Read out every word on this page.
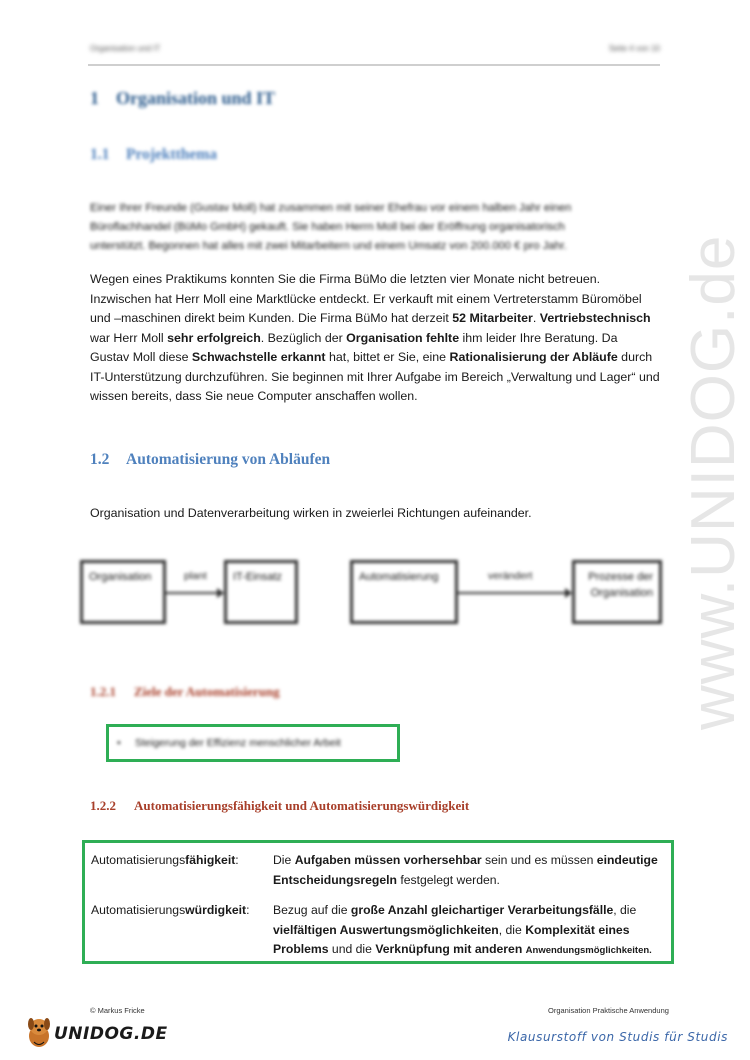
Organisation und IT	Seite 4 von 10
www.UNIDOG.de
1 Organisation und IT
1.1 Projektthema
Einer Ihrer Freunde (Gustav Moll) hat zusammen mit seiner Ehefrau vor einem halben Jahr einen
Büroflachhandel (BüMo GmbH) gekauft. Sie haben Herrn Moll bei der Eröffnung organisatorisch
unterstützt. Begonnen hat alles mit zwei Mitarbeitern und einem Umsatz von 200.000 € pro Jahr.
Wegen eines Praktikums konnten Sie die Firma BüMo die letzten vier Monate nicht betreuen. Inzwischen hat Herr Moll eine Marktlücke entdeckt. Er verkauft mit einem Vertreterstamm Büromöbel und –maschinen direkt beim Kunden. Die Firma BüMo hat derzeit 52 Mitarbeiter. Vertriebstechnisch war Herr Moll sehr erfolgreich. Bezüglich der Organisation fehlte ihm leider Ihre Beratung. Da Gustav Moll diese Schwachstelle erkannt hat, bittet er Sie, eine Rationalisierung der Abläufe durch IT-Unterstützung durchzuführen. Sie beginnen mit Ihrer Aufgabe im Bereich „Verwaltung und Lager“ und wissen bereits, dass Sie neue Computer anschaffen wollen.
1.2 Automatisierung von Abläufen
Organisation und Datenverarbeitung wirken in zweierlei Richtungen aufeinander.
Organisation	plant	IT-Einsatz	Automatisierung	verändert	Prozesse der Organisation
1.2.1 Ziele der Automatisierung
• Steigerung der Effizienz menschlicher Arbeit
1.2.2 Automatisierungsfähigkeit und Automatisierungswürdigkeit
Automatisierungsfähigkeit:	Die Aufgaben müssen vorhersehbar sein und es müssen eindeutige Entscheidungsregeln festgelegt werden.
Automatisierungswürdigkeit:	Bezug auf die große Anzahl gleichartiger Verarbeitungsfälle, die vielfältigen Auswertungsmöglichkeiten, die Komplexität eines Problems und die Verknüpfung mit anderen Anwendungsmöglichkeiten.
© Markus Fricke	Organisation Praktische Anwendung
UNIDOG.DE	Klausurstoff von Studis für Studis
